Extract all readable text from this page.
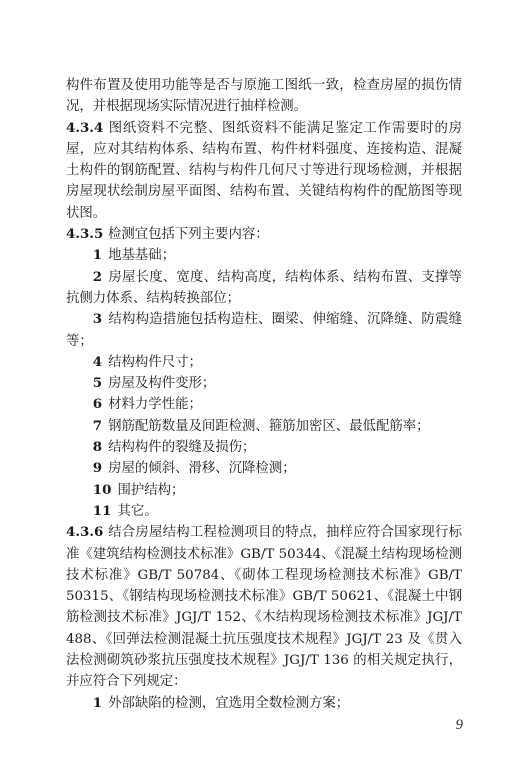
构件布置及使用功能等是否与原施工图纸一致，检查房屋的损伤情况，并根据现场实际情况进行抽样检测。

4.3.4 图纸资料不完整、图纸资料不能满足鉴定工作需要时的房屋，应对其结构体系、结构布置、构件材料强度、连接构造、混凝土构件的钢筋配置、结构与构件几何尺寸等进行现场检测，并根据房屋现状绘制房屋平面图、结构布置、关键结构构件的配筋图等现状图。

4.3.5 检测宜包括下列主要内容：

1 地基基础；

2 房屋长度、宽度、结构高度，结构体系、结构布置、支撑等抗侧力体系、结构转换部位；

3 结构构造措施包括构造柱、圈梁、伸缩缝、沉降缝、防震缝等；

4 结构构件尺寸；

5 房屋及构件变形；

6 材料力学性能；

7 钢筋配筋数量及间距检测、箍筋加密区、最低配筋率；

8 结构构件的裂缝及损伤；

9 房屋的倾斜、滑移、沉降检测；

10 围护结构；

11 其它。

4.3.6 结合房屋结构工程检测项目的特点，抽样应符合国家现行标准《建筑结构检测技术标准》GB/T 50344、《混凝土结构现场检测技术标准》GB/T 50784、《砌体工程现场检测技术标准》GB/T 50315、《钢结构现场检测技术标准》GB/T 50621、《混凝土中钢筋检测技术标准》JGJ/T 152、《木结构现场检测技术标准》JGJ/T 488、《回弹法检测混凝土抗压强度技术规程》JGJ/T 23 及《贯入法检测砌筑砂浆抗压强度技术规程》JGJ/T 136 的相关规定执行，并应符合下列规定：

1 外部缺陷的检测，宜选用全数检测方案；

9
